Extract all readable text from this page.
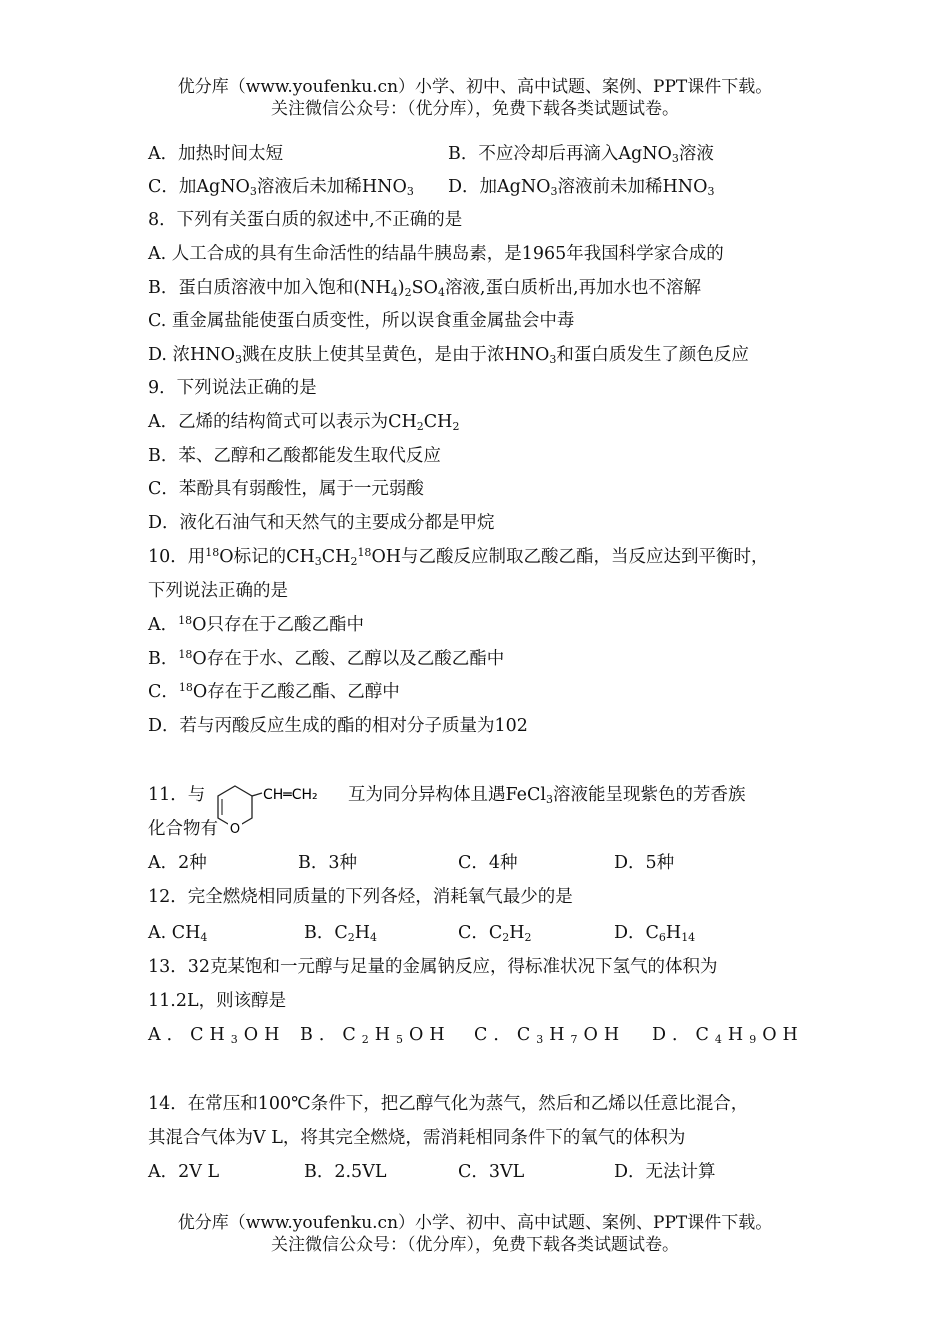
优分库（www.youfenku.cn）小学、初中、高中试题、案例、PPT课件下载。
关注微信公众号：（优分库），免费下载各类试题试卷。
A．加热时间太短	B．不应冷却后再滴入AgNO$_3$溶液
C．加AgNO$_3$溶液后未加稀$HNO_3$ D．加AgNO$_3$溶液前未加稀$HNO_3$
8．下列有关蛋白质的叙述中,不正确的是
A. 人工合成的具有生命活性的结晶牛胰岛素，是1965年我国科学家合成的
B．蛋白质溶液中加入饱和$(NH_4)_2SO_4$溶液,蛋白质析出,再加水也不溶解
C. 重金属盐能使蛋白质变性，所以误食重金属盐会中毒
D. 浓$HNO_3$溅在皮肤上使其呈黄色，是由于浓$HNO_3$和蛋白质发生了颜色反应
9．下列说法正确的是
A．乙烯的结构简式可以表示为$CH_2CH_2$
B．苯、乙醇和乙酸都能发生取代反应
C．苯酚具有弱酸性，属于一元弱酸
D．液化石油气和天然气的主要成分都是甲烷
10．用$^{18}$O标记的$CH_3CH_2^{18}OH$与乙酸反应制取乙酸乙酯，当反应达到平衡时，
下列说法正确的是
A．$^{18}$O只存在于乙酸乙酯中
B．$^{18}$O存在于水、乙酸、乙醇以及乙酸乙酯中
C．$^{18}$O存在于乙酸乙酯、乙醇中
D．若与丙酸反应生成的酯的相对分子质量为102
11．与
O
CH═CH₂ 互为同分异构体且遇FeCl$_3$溶液能呈现紫色的芳香族
化合物有
A．2种	B．3种	C．4种	D．5种
12．完全燃烧相同质量的下列各烃，消耗氧气最少的是
A. $CH_4$	B．$C_2H_4$	C．$C_2H_2$	D．$C_6H_{14}$
13．32克某饱和一元醇与足量的金属钠反应，得标准状况下氢气的体积为
11.2L，则该醇是
A．$CH_3OH$ B．$C_2H_5OH$ C．$C_3H_7OH$ D．$C_4H_9OH$
14．在常压和100℃条件下，把乙醇气化为蒸气，然后和乙烯以任意比混合，
其混合气体为V L，将其完全燃烧，需消耗相同条件下的氧气的体积为
A．2V L	B．2.5VL	C．3VL	D．无法计算
优分库（www.youfenku.cn）小学、初中、高中试题、案例、PPT课件下载。
关注微信公众号：（优分库），免费下载各类试题试卷。
